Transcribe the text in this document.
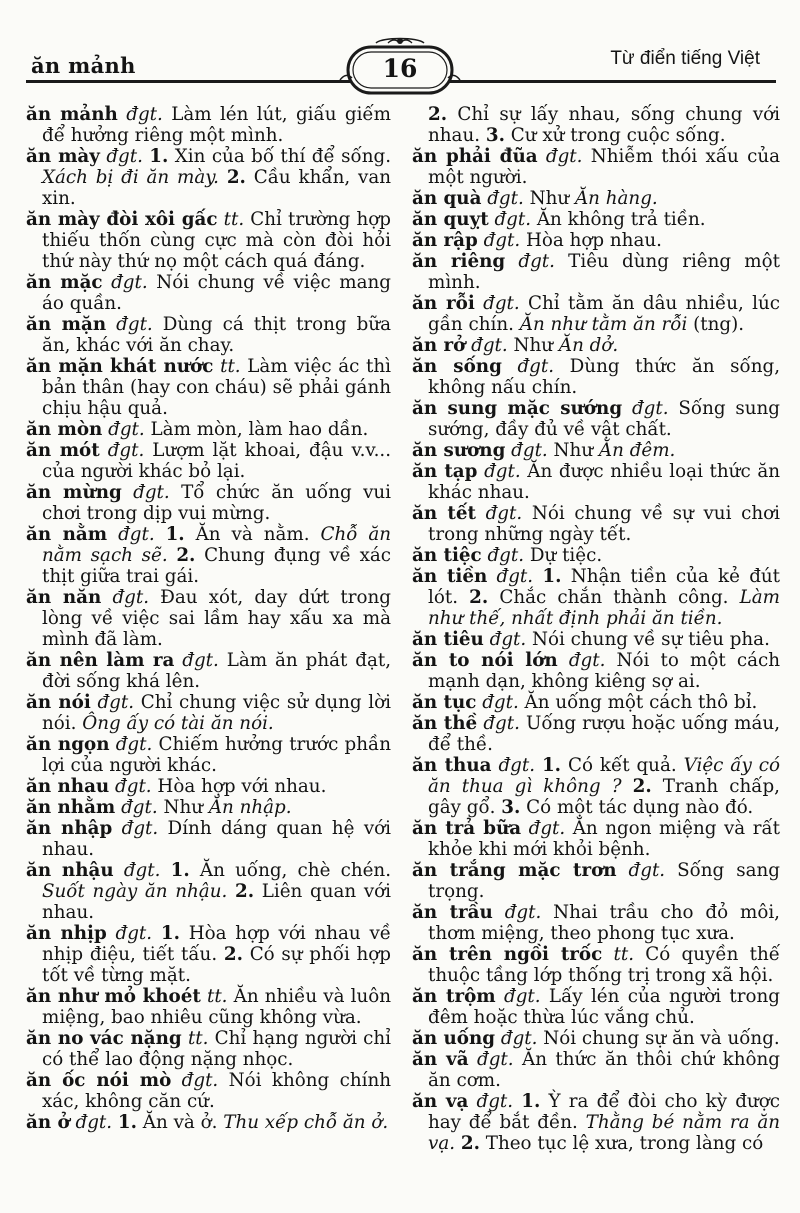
ăn mảnh	16	Từ điển tiếng Việt
ăn mảnh đgt. Làm lén lút, giấu giếm để hưởng riêng một mình.
ăn mày đgt. 1. Xin của bố thí để sống. Xách bị đi ăn mày. 2. Cầu khẩn, van xin.
ăn mày đòi xôi gấc tt. Chỉ trường hợp thiếu thốn cùng cực mà còn đòi hỏi thứ này thứ nọ một cách quá đáng.
ăn mặc đgt. Nói chung về việc mang áo quần.
ăn mặn đgt. Dùng cá thịt trong bữa ăn, khác với ăn chay.
ăn mặn khát nước tt. Làm việc ác thì bản thân (hay con cháu) sẽ phải gánh chịu hậu quả.
ăn mòn đgt. Làm mòn, làm hao dần.
ăn mót đgt. Lượm lặt khoai, đậu v.v... của người khác bỏ lại.
ăn mừng đgt. Tổ chức ăn uống vui chơi trong dịp vui mừng.
ăn nằm đgt. 1. Ăn và nằm. Chỗ ăn nằm sạch sẽ. 2. Chung đụng về xác thịt giữa trai gái.
ăn năn đgt. Đau xót, day dứt trong lòng về việc sai lầm hay xấu xa mà mình đã làm.
ăn nên làm ra đgt. Làm ăn phát đạt, đời sống khá lên.
ăn nói đgt. Chỉ chung việc sử dụng lời nói. Ông ấy có tài ăn nói.
ăn ngọn đgt. Chiếm hưởng trước phần lợi của người khác.
ăn nhau đgt. Hòa hợp với nhau.
ăn nhằm đgt. Như Ăn nhập.
ăn nhập đgt. Dính dáng quan hệ với nhau.
ăn nhậu đgt. 1. Ăn uống, chè chén. Suốt ngày ăn nhậu. 2. Liên quan với nhau.
ăn nhịp đgt. 1. Hòa hợp với nhau về nhịp điệu, tiết tấu. 2. Có sự phối hợp tốt về từng mặt.
ăn như mỏ khoét tt. Ăn nhiều và luôn miệng, bao nhiêu cũng không vừa.
ăn no vác nặng tt. Chỉ hạng người chỉ có thể lao động nặng nhọc.
ăn ốc nói mò đgt. Nói không chính xác, không căn cứ.
ăn ở đgt. 1. Ăn và ở. Thu xếp chỗ ăn ở.
2. Chỉ sự lấy nhau, sống chung với nhau. 3. Cư xử trong cuộc sống.
ăn phải đũa đgt. Nhiễm thói xấu của một người.
ăn quà đgt. Như Ăn hàng.
ăn quỵt đgt. Ăn không trả tiền.
ăn rập đgt. Hòa hợp nhau.
ăn riêng đgt. Tiêu dùng riêng một mình.
ăn rỗi đgt. Chỉ tằm ăn dâu nhiều, lúc gần chín. Ăn như tằm ăn rỗi (tng).
ăn rở đgt. Như Ăn dở.
ăn sống đgt. Dùng thức ăn sống, không nấu chín.
ăn sung mặc sướng đgt. Sống sung sướng, đầy đủ về vật chất.
ăn sương đgt. Như Ăn đêm.
ăn tạp đgt. Ăn được nhiều loại thức ăn khác nhau.
ăn tết đgt. Nói chung về sự vui chơi trong những ngày tết.
ăn tiệc đgt. Dự tiệc.
ăn tiền đgt. 1. Nhận tiền của kẻ đút lót. 2. Chắc chắn thành công. Làm như thế, nhất định phải ăn tiền.
ăn tiêu đgt. Nói chung về sự tiêu pha.
ăn to nói lớn đgt. Nói to một cách mạnh dạn, không kiêng sợ ai.
ăn tục đgt. Ăn uống một cách thô bỉ.
ăn thề đgt. Uống rượu hoặc uống máu, để thề.
ăn thua đgt. 1. Có kết quả. Việc ấy có ăn thua gì không ? 2. Tranh chấp, gây gổ. 3. Có một tác dụng nào đó.
ăn trả bữa đgt. Ăn ngon miệng và rất khỏe khi mới khỏi bệnh.
ăn trắng mặc trơn đgt. Sống sang trọng.
ăn trầu đgt. Nhai trầu cho đỏ môi, thơm miệng, theo phong tục xưa.
ăn trên ngồi trốc tt. Có quyền thế thuộc tầng lớp thống trị trong xã hội.
ăn trộm đgt. Lấy lén của người trong đêm hoặc thừa lúc vắng chủ.
ăn uống đgt. Nói chung sự ăn và uống.
ăn vã đgt. Ăn thức ăn thôi chứ không ăn cơm.
ăn vạ đgt. 1. Ỳ ra để đòi cho kỳ được hay để bắt đền. Thằng bé nằm ra ăn vạ. 2. Theo tục lệ xưa, trong làng có
